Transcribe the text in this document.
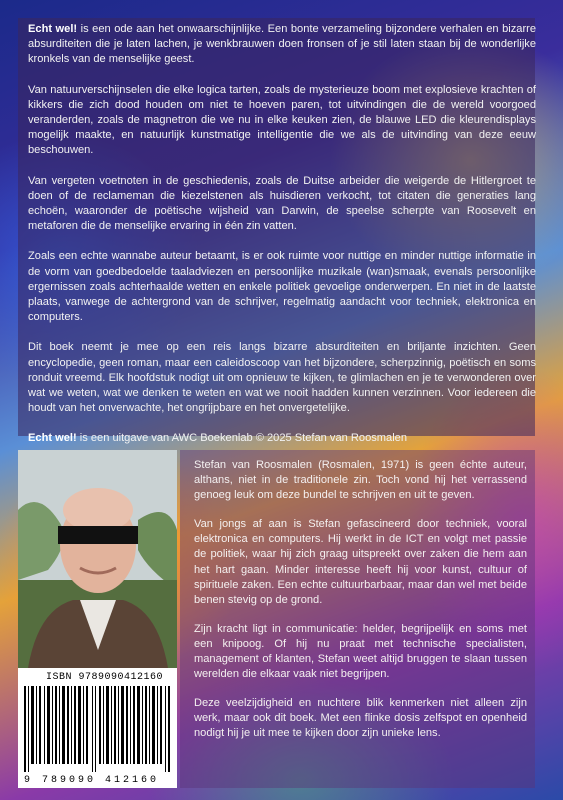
Echt wel! is een ode aan het onwaarschijnlijke. Een bonte verzameling bijzondere verhalen en bizarre absurditeiten die je laten lachen, je wenkbrauwen doen fronsen of je stil laten staan bij de wonderlijke kronkels van de menselijke geest.

Van natuurverschijnselen die elke logica tarten, zoals de mysterieuze boom met explosieve krachten of kikkers die zich dood houden om niet te hoeven paren, tot uitvindingen die de wereld voorgoed veranderden, zoals de magnetron die we nu in elke keuken zien, de blauwe LED die kleurendisplays mogelijk maakte, en natuurlijk kunstmatige intelligentie die we als de uitvinding van deze eeuw beschouwen.

Van vergeten voetnoten in de geschiedenis, zoals de Duitse arbeider die weigerde de Hitlergroet te doen of de reclameman die kiezelstenen als huisdieren verkocht, tot citaten die generaties lang echoën, waaronder de poëtische wijsheid van Darwin, de speelse scherpte van Roosevelt en metaforen die de menselijke ervaring in één zin vatten.

Zoals een echte wannabe auteur betaamt, is er ook ruimte voor nuttige en minder nuttige informatie in de vorm van goedbedoelde taaladviezen en persoonlijke muzikale (wan)smaak, evenals persoonlijke ergernissen zoals achterhaalde wetten en enkele politiek gevoelige onderwerpen. En niet in de laatste plaats, vanwege de achtergrond van de schrijver, regelmatig aandacht voor techniek, elektronica en computers.

Dit boek neemt je mee op een reis langs bizarre absurditeiten en briljante inzichten. Geen encyclopedie, geen roman, maar een caleidoscoop van het bijzondere, scherpzinnig, poëtisch en soms ronduit vreemd. Elk hoofdstuk nodigt uit om opnieuw te kijken, te glimlachen en je te verwonderen over wat we weten, wat we denken te weten en wat we nooit hadden kunnen verzinnen. Voor iedereen die houdt van het onverwachte, het ongrijpbare en het onvergetelijke.

Echt wel! is een uitgave van AWC Boekenlab © 2025 Stefan van Roosmalen

ISBN 9789090412160
9 789090 412160

Stefan van Roosmalen (Rosmalen, 1971) is geen échte auteur, althans, niet in de traditionele zin. Toch vond hij het verrassend genoeg leuk om deze bundel te schrijven en uit te geven.

Van jongs af aan is Stefan gefascineerd door techniek, vooral elektronica en computers. Hij werkt in de ICT en volgt met passie de politiek, waar hij zich graag uitspreekt over zaken die hem aan het hart gaan. Minder interesse heeft hij voor kunst, cultuur of spirituele zaken. Een echte cultuurbarbaar, maar dan wel met beide benen stevig op de grond.

Zijn kracht ligt in communicatie: helder, begrijpelijk en soms met een knipoog. Of hij nu praat met technische specialisten, management of klanten, Stefan weet altijd bruggen te slaan tussen werelden die elkaar vaak niet begrijpen.

Deze veelzijdigheid en nuchtere blik kenmerken niet alleen zijn werk, maar ook dit boek. Met een flinke dosis zelfspot en openheid nodigt hij je uit mee te kijken door zijn unieke lens.
